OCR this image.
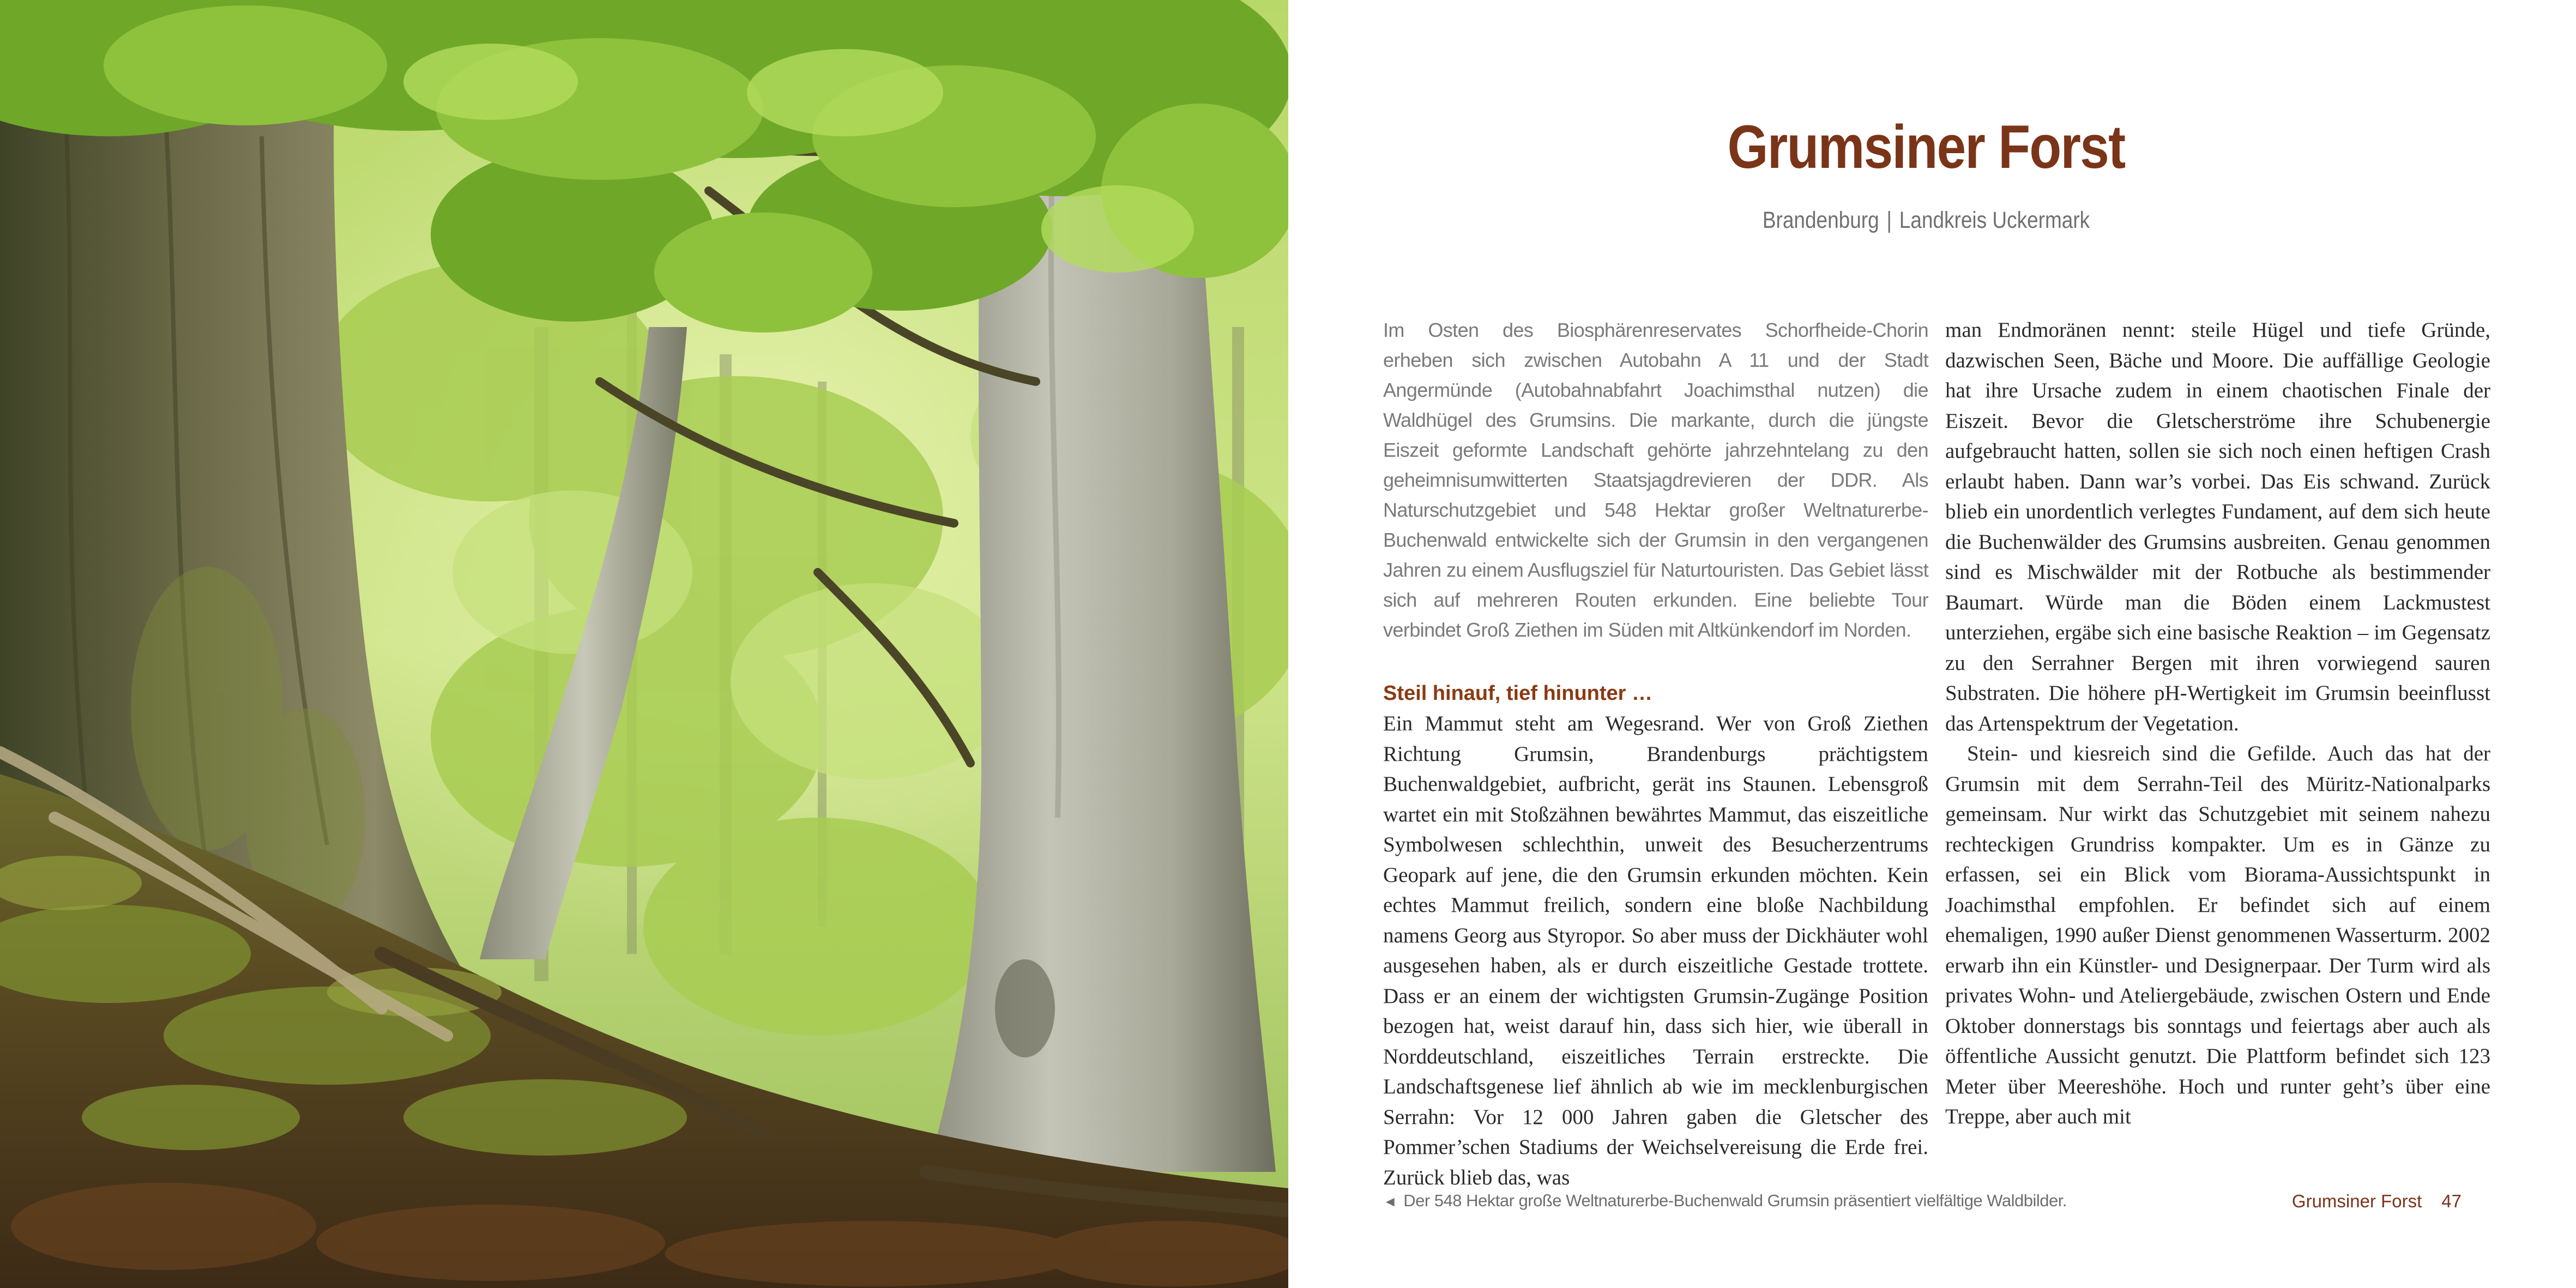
Grumsiner Forst
Brandenburg | Landkreis Uckermark

Im Osten des Biosphärenreservates Schorfheide-Chorin erheben sich zwischen Autobahn A 11 und der Stadt Angermünde (Autobahnabfahrt Joachimsthal nutzen) die Waldhügel des Grumsins. Die markante, durch die jüngste Eiszeit geformte Landschaft gehörte jahrzehntelang zu den geheimnisumwitterten Staatsjagdrevieren der DDR. Als Naturschutzgebiet und 548 Hektar großer Weltnaturerbe-Buchenwald entwickelte sich der Grumsin in den vergangenen Jahren zu einem Ausflugsziel für Naturtouristen. Das Gebiet lässt sich auf mehreren Routen erkunden. Eine beliebte Tour verbindet Groß Ziethen im Süden mit Altkünkendorf im Norden.

Steil hinauf, tief hinunter …

Ein Mammut steht am Wegesrand. Wer von Groß Ziethen Richtung Grumsin, Brandenburgs prächtigstem Buchenwaldgebiet, aufbricht, gerät ins Staunen. Lebensgroß wartet ein mit Stoßzähnen bewährtes Mammut, das eiszeitliche Symbolwesen schlechthin, unweit des Besucherzentrums Geopark auf jene, die den Grumsin erkunden möchten. Kein echtes Mammut freilich, sondern eine bloße Nachbildung namens Georg aus Styropor. So aber muss der Dickhäuter wohl ausgesehen haben, als er durch eiszeitliche Gestade trottete. Dass er an einem der wichtigsten Grumsin-Zugänge Position bezogen hat, weist darauf hin, dass sich hier, wie überall in Norddeutschland, eiszeitliches Terrain erstreckte. Die Landschaftsgenese lief ähnlich ab wie im mecklenburgischen Serrahn: Vor 12 000 Jahren gaben die Gletscher des Pommer’schen Stadiums der Weichselvereisung die Erde frei. Zurück blieb das, was

man Endmoränen nennt: steile Hügel und tiefe Gründe, dazwischen Seen, Bäche und Moore. Die auffällige Geologie hat ihre Ursache zudem in einem chaotischen Finale der Eiszeit. Bevor die Gletscherströme ihre Schubenergie aufgebraucht hatten, sollen sie sich noch einen heftigen Crash erlaubt haben. Dann war’s vorbei. Das Eis schwand. Zurück blieb ein unordentlich verlegtes Fundament, auf dem sich heute die Buchenwälder des Grumsins ausbreiten. Genau genommen sind es Mischwälder mit der Rotbuche als bestimmender Baumart. Würde man die Böden einem Lackmustest unterziehen, ergäbe sich eine basische Reaktion – im Gegensatz zu den Serrahner Bergen mit ihren vorwiegend sauren Substraten. Die höhere pH-Wertigkeit im Grumsin beeinflusst das Artenspektrum der Vegetation.

Stein- und kiesreich sind die Gefilde. Auch das hat der Grumsin mit dem Serrahn-Teil des Müritz-Nationalparks gemeinsam. Nur wirkt das Schutzgebiet mit seinem nahezu rechteckigen Grundriss kompakter. Um es in Gänze zu erfassen, sei ein Blick vom Biorama-Aussichtspunkt in Joachimsthal empfohlen. Er befindet sich auf einem ehemaligen, 1990 außer Dienst genommenen Wasserturm. 2002 erwarb ihn ein Künstler- und Designerpaar. Der Turm wird als privates Wohn- und Ateliergebäude, zwischen Ostern und Ende Oktober donnerstags bis sonntags und feiertags aber auch als öffentliche Aussicht genutzt. Die Plattform befindet sich 123 Meter über Meereshöhe. Hoch und runter geht’s über eine Treppe, aber auch mit

◄ Der 548 Hektar große Weltnaturerbe-Buchenwald Grumsin präsentiert vielfältige Waldbilder.	Grumsiner Forst 47
